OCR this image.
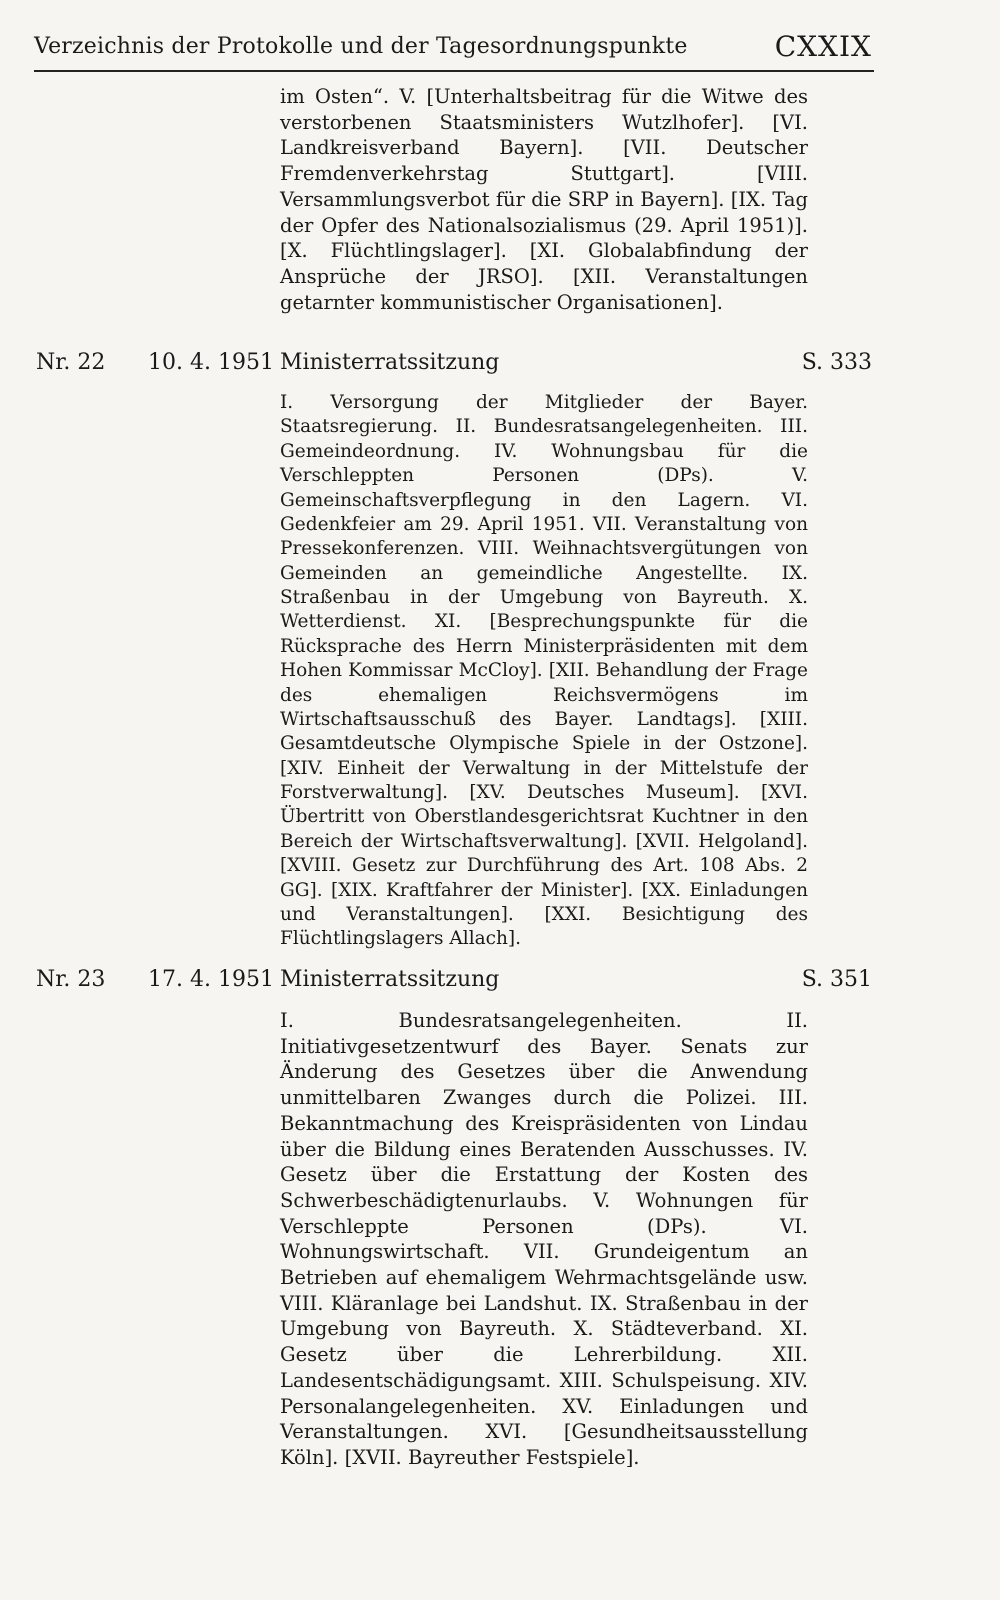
Verzeichnis der Protokolle und der Tagesordnungspunkte	CXXIX
im Osten“. V. [Unterhaltsbeitrag für die Witwe des verstorbenen Staatsministers Wutzlhofer]. [VI. Landkreisverband Bayern]. [VII. Deutscher Fremdenverkehrstag Stuttgart]. [VIII. Versammlungsverbot für die SRP in Bayern]. [IX. Tag der Opfer des Nationalsozialismus (29. April 1951)]. [X. Flüchtlingslager]. [XI. Globalabfindung der Ansprüche der JRSO]. [XII. Veranstaltungen getarnter kommunistischer Organisationen].
Nr. 22 10. 4. 1951 Ministerratssitzung	S. 333
I. Versorgung der Mitglieder der Bayer. Staatsregierung. II. Bundesratsangelegenheiten. III. Gemeindeordnung. IV. Wohnungsbau für die Verschleppten Personen (DPs). V. Gemeinschaftsverpflegung in den Lagern. VI. Gedenkfeier am 29. April 1951. VII. Veranstaltung von Pressekonferenzen. VIII. Weihnachtsvergütungen von Gemeinden an gemeindliche Angestellte. IX. Straßenbau in der Umgebung von Bayreuth. X. Wetterdienst. XI. [Besprechungspunkte für die Rücksprache des Herrn Ministerpräsidenten mit dem Hohen Kommissar McCloy]. [XII. Behandlung der Frage des ehemaligen Reichsvermögens im Wirtschaftsausschuß des Bayer. Landtags]. [XIII. Gesamtdeutsche Olympische Spiele in der Ostzone]. [XIV. Einheit der Verwaltung in der Mittelstufe der Forstverwaltung]. [XV. Deutsches Museum]. [XVI. Übertritt von Oberstlandesgerichtsrat Kuchtner in den Bereich der Wirtschaftsverwaltung]. [XVII. Helgoland]. [XVIII. Gesetz zur Durchführung des Art. 108 Abs. 2 GG]. [XIX. Kraftfahrer der Minister]. [XX. Einladungen und Veranstaltungen]. [XXI. Besichtigung des Flüchtlingslagers Allach].
Nr. 23 17. 4. 1951 Ministerratssitzung	S. 351
I. Bundesratsangelegenheiten. II. Initiativgesetzentwurf des Bayer. Senats zur Änderung des Gesetzes über die Anwendung unmittelbaren Zwanges durch die Polizei. III. Bekanntmachung des Kreispräsidenten von Lindau über die Bildung eines Beratenden Ausschusses. IV. Gesetz über die Erstattung der Kosten des Schwerbeschädigtenurlaubs. V. Wohnungen für Verschleppte Personen (DPs). VI. Wohnungswirtschaft. VII. Grundeigentum an Betrieben auf ehemaligem Wehrmachtsgelände usw. VIII. Kläranlage bei Landshut. IX. Straßenbau in der Umgebung von Bayreuth. X. Städteverband. XI. Gesetz über die Lehrerbildung. XII. Landesentschädigungsamt. XIII. Schulspeisung. XIV. Personalangelegenheiten. XV. Einladungen und Veranstaltungen. XVI. [Gesundheitsausstellung Köln]. [XVII. Bayreuther Festspiele].
